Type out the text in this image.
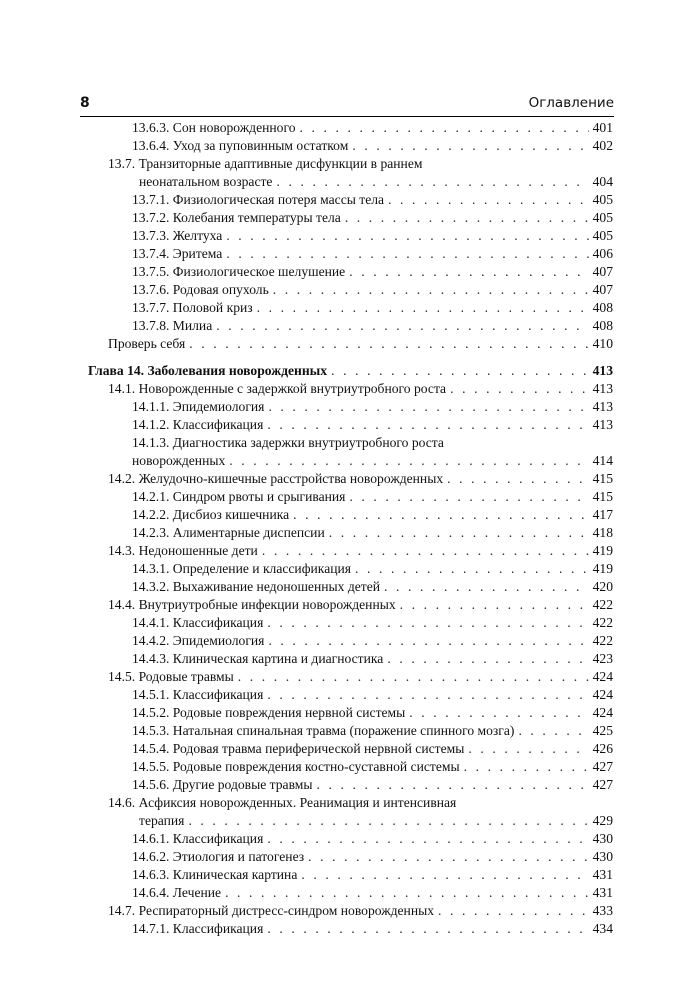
8	Оглавление
13.6.3. Сон новорожденного . . .	401
13.6.4. Уход за пуповинным остатком . . .	402
13.7. Транзиторные адаптивные дисфункции в раннем
неонатальном возрасте . . .	404
13.7.1. Физиологическая потеря массы тела . . .	405
13.7.2. Колебания температуры тела . . .	405
13.7.3. Желтуха . . .	405
13.7.4. Эритема . . .	406
13.7.5. Физиологическое шелушение . . .	407
13.7.6. Родовая опухоль . . .	407
13.7.7. Половой криз . . .	408
13.7.8. Милиа . . .	408
Проверь себя . . .	410
Глава 14. Заболевания новорожденных . . .	413
14.1. Новорожденные с задержкой внутриутробного роста . . .	413
14.1.1. Эпидемиология . . .	413
14.1.2. Классификация . . .	413
14.1.3. Диагностика задержки внутриутробного роста
новорожденных . . .	414
14.2. Желудочно-кишечные расстройства новорожденных . . .	415
14.2.1. Синдром рвоты и срыгивания . . .	415
14.2.2. Дисбиоз кишечника . . .	417
14.2.3. Алиментарные диспепсии . . .	418
14.3. Недоношенные дети . . .	419
14.3.1. Определение и классификация . . .	419
14.3.2. Выхаживание недоношенных детей . . .	420
14.4. Внутриутробные инфекции новорожденных . . .	422
14.4.1. Классификация . . .	422
14.4.2. Эпидемиология . . .	422
14.4.3. Клиническая картина и диагностика . . .	423
14.5. Родовые травмы . . .	424
14.5.1. Классификация . . .	424
14.5.2. Родовые повреждения нервной системы . . .	424
14.5.3. Натальная спинальная травма (поражение спинного мозга) . . .	425
14.5.4. Родовая травма периферической нервной системы . . .	426
14.5.5. Родовые повреждения костно-суставной системы . . .	427
14.5.6. Другие родовые травмы . . .	427
14.6. Асфиксия новорожденных. Реанимация и интенсивная
терапия . . .	429
14.6.1. Классификация . . .	430
14.6.2. Этиология и патогенез . . .	430
14.6.3. Клиническая картина . . .	431
14.6.4. Лечение . . .	431
14.7. Респираторный дистресс-синдром новорожденных . . .	433
14.7.1. Классификация . . .	434
